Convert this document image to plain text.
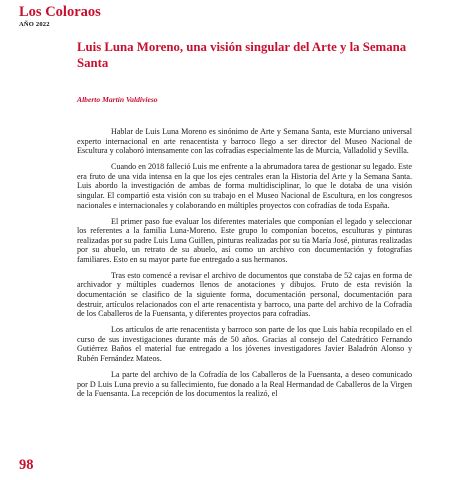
Los Coloraos
AÑO 2022
Luis Luna Moreno, una visión singular del Arte y la Semana Santa
Alberto Martín Valdivieso

Hablar de Luis Luna Moreno es sinónimo de Arte y Semana Santa, este Murciano universal experto internacional en arte renacentista y barroco llego a ser director del Museo Nacional de Escultura y colaboró intensamente con las cofradías especialmente las de Murcia, Valladolid y Sevilla.

Cuando en 2018 falleció Luis me enfrente a la abrumadora tarea de gestionar su legado. Este era fruto de una vida intensa en la que los ejes centrales eran la Historia del Arte y la Semana Santa. Luis abordo la investigación de ambas de forma multidisciplinar, lo que le dotaba de una visión singular. El compartió esta visión con su trabajo en el Museo Nacional de Escultura, en los congresos nacionales e internacionales y colaborando en múltiples proyectos con cofradías de toda España.

El primer paso fue evaluar los diferentes materiales que componían el legado y seleccionar los referentes a la familia Luna-Moreno. Este grupo lo componían bocetos, esculturas y pinturas realizadas por su padre Luis Luna Guillen, pinturas realizadas por su tía María José, pinturas realizadas por su abuelo, un retrato de su abuelo, así como un archivo con documentación y fotografías familiares. Esto en su mayor parte fue entregado a sus hermanos.

Tras esto comencé a revisar el archivo de documentos que constaba de 52 cajas en forma de archivador y múltiples cuadernos llenos de anotaciones y dibujos. Fruto de esta revisión la documentación se clasifico de la siguiente forma, documentación personal, documentación para destruir, artículos relacionados con el arte renacentista y barroco, una parte del archivo de la Cofradía de los Caballeros de la Fuensanta, y diferentes proyectos para cofradías.

Los artículos de arte renacentista y barroco son parte de los que Luis había recopilado en el curso de sus investigaciones durante más de 50 años. Gracias al consejo del Catedrático Fernando Gutiérrez Baños el material fue entregado a los jóvenes investigadores Javier Baladrón Alonso y Rubén Fernández Mateos.

La parte del archivo de la Cofradía de los Caballeros de la Fuensanta, a deseo comunicado por D Luis Luna previo a su fallecimiento, fue donado a la Real Hermandad de Caballeros de la Virgen de la Fuensanta. La recepción de los documentos la realizó, el

98
